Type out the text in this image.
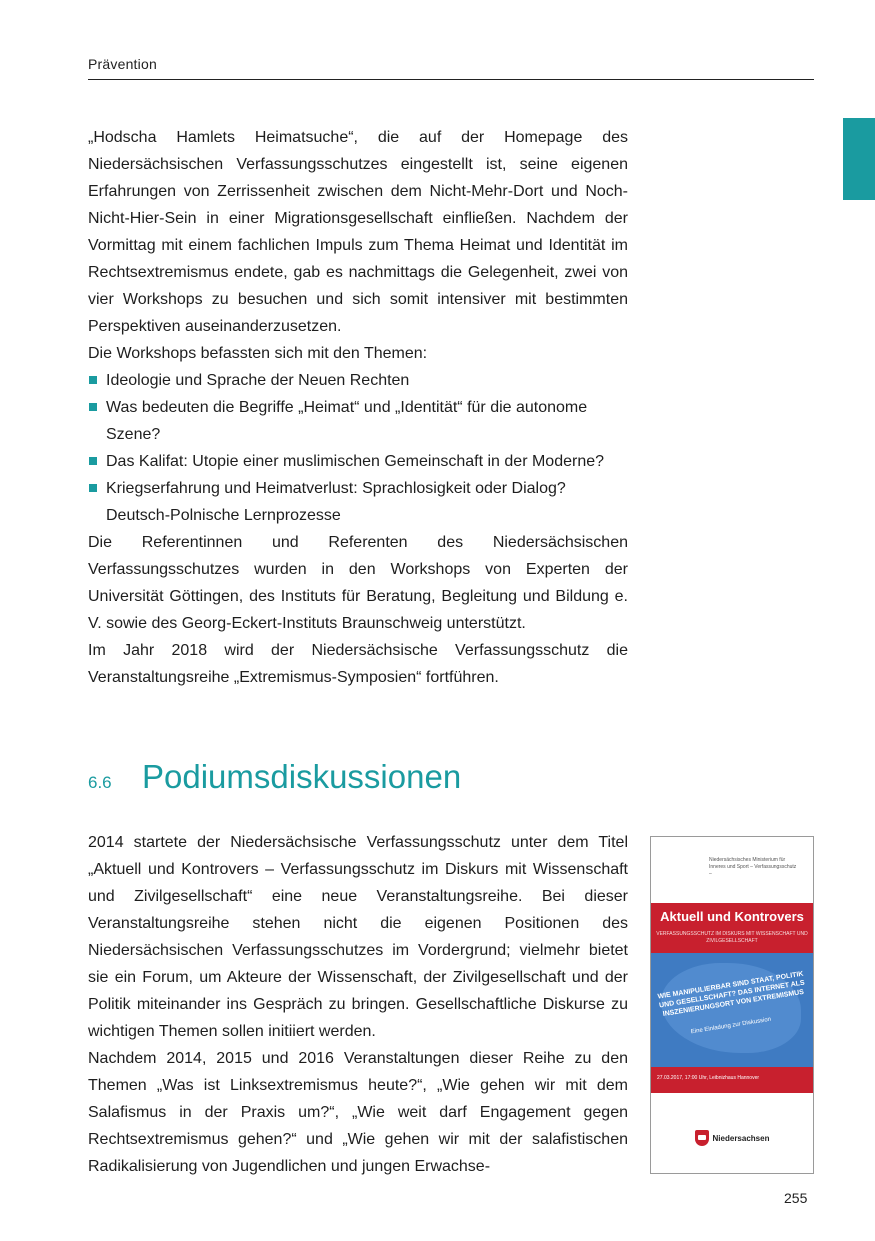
Prävention

„Hodscha Hamlets Heimatsuche“, die auf der Homepage des Niedersächsischen Verfassungsschutzes eingestellt ist, seine eigenen Erfahrungen von Zerrissenheit zwischen dem Nicht-Mehr-Dort und Noch-Nicht-Hier-Sein in einer Migrationsgesellschaft einfließen. Nachdem der Vormittag mit einem fachlichen Impuls zum Thema Heimat und Identität im Rechtsextremismus endete, gab es nachmittags die Gelegenheit, zwei von vier Workshops zu besuchen und sich somit intensiver mit bestimmten Perspektiven auseinanderzusetzen.

Die Workshops befassten sich mit den Themen:

Ideologie und Sprache der Neuen Rechten
Was bedeuten die Begriffe „Heimat“ und „Identität“ für die autonome Szene?
Das Kalifat: Utopie einer muslimischen Gemeinschaft in der Moderne?
Kriegserfahrung und Heimatverlust: Sprachlosigkeit oder Dialog? Deutsch-Polnische Lernprozesse

Die Referentinnen und Referenten des Niedersächsischen Verfassungsschutzes wurden in den Workshops von Experten der Universität Göttingen, des Instituts für Beratung, Begleitung und Bildung e. V. sowie des Georg-Eckert-Instituts Braunschweig unterstützt.

Im Jahr 2018 wird der Niedersächsische Verfassungsschutz die Veranstaltungsreihe „Extremismus-Symposien“ fortführen.

6.6 Podiumsdiskussionen

2014 startete der Niedersächsische Verfassungsschutz unter dem Titel „Aktuell und Kontrovers – Verfassungsschutz im Diskurs mit Wissenschaft und Zivilgesellschaft“ eine neue Veranstaltungsreihe. Bei dieser Veranstaltungsreihe stehen nicht die eigenen Positionen des Niedersächsischen Verfassungsschutzes im Vordergrund; vielmehr bietet sie ein Forum, um Akteure der Wissenschaft, der Zivilgesellschaft und der Politik miteinander ins Gespräch zu bringen. Gesellschaftliche Diskurse zu wichtigen Themen sollen initiiert werden.

Nachdem 2014, 2015 und 2016 Veranstaltungen dieser Reihe zu den Themen „Was ist Linksextremismus heute?“, „Wie gehen wir mit dem Salafismus in der Praxis um?“, „Wie weit darf Engagement gegen Rechtsextremismus gehen?“ und „Wie gehen wir mit der salafistischen Radikalisierung von Jugendlichen und jungen Erwachse-

Niedersächsisches Ministerium für Inneres und Sport – Verfassungsschutz –
Aktuell und Kontrovers
VERFASSUNGSSCHUTZ IM DISKURS MIT WISSENSCHAFT UND ZIVILGESELLSCHAFT
WIE MANIPULIERBAR SIND STAAT, POLITIK UND GESELLSCHAFT? DAS INTERNET ALS INSZENIERUNGSORT VON EXTREMISMUS
Eine Einladung zur Diskussion
27.03.2017, 17:00 Uhr, Leibnizhaus Hannover
Niedersachsen
255
